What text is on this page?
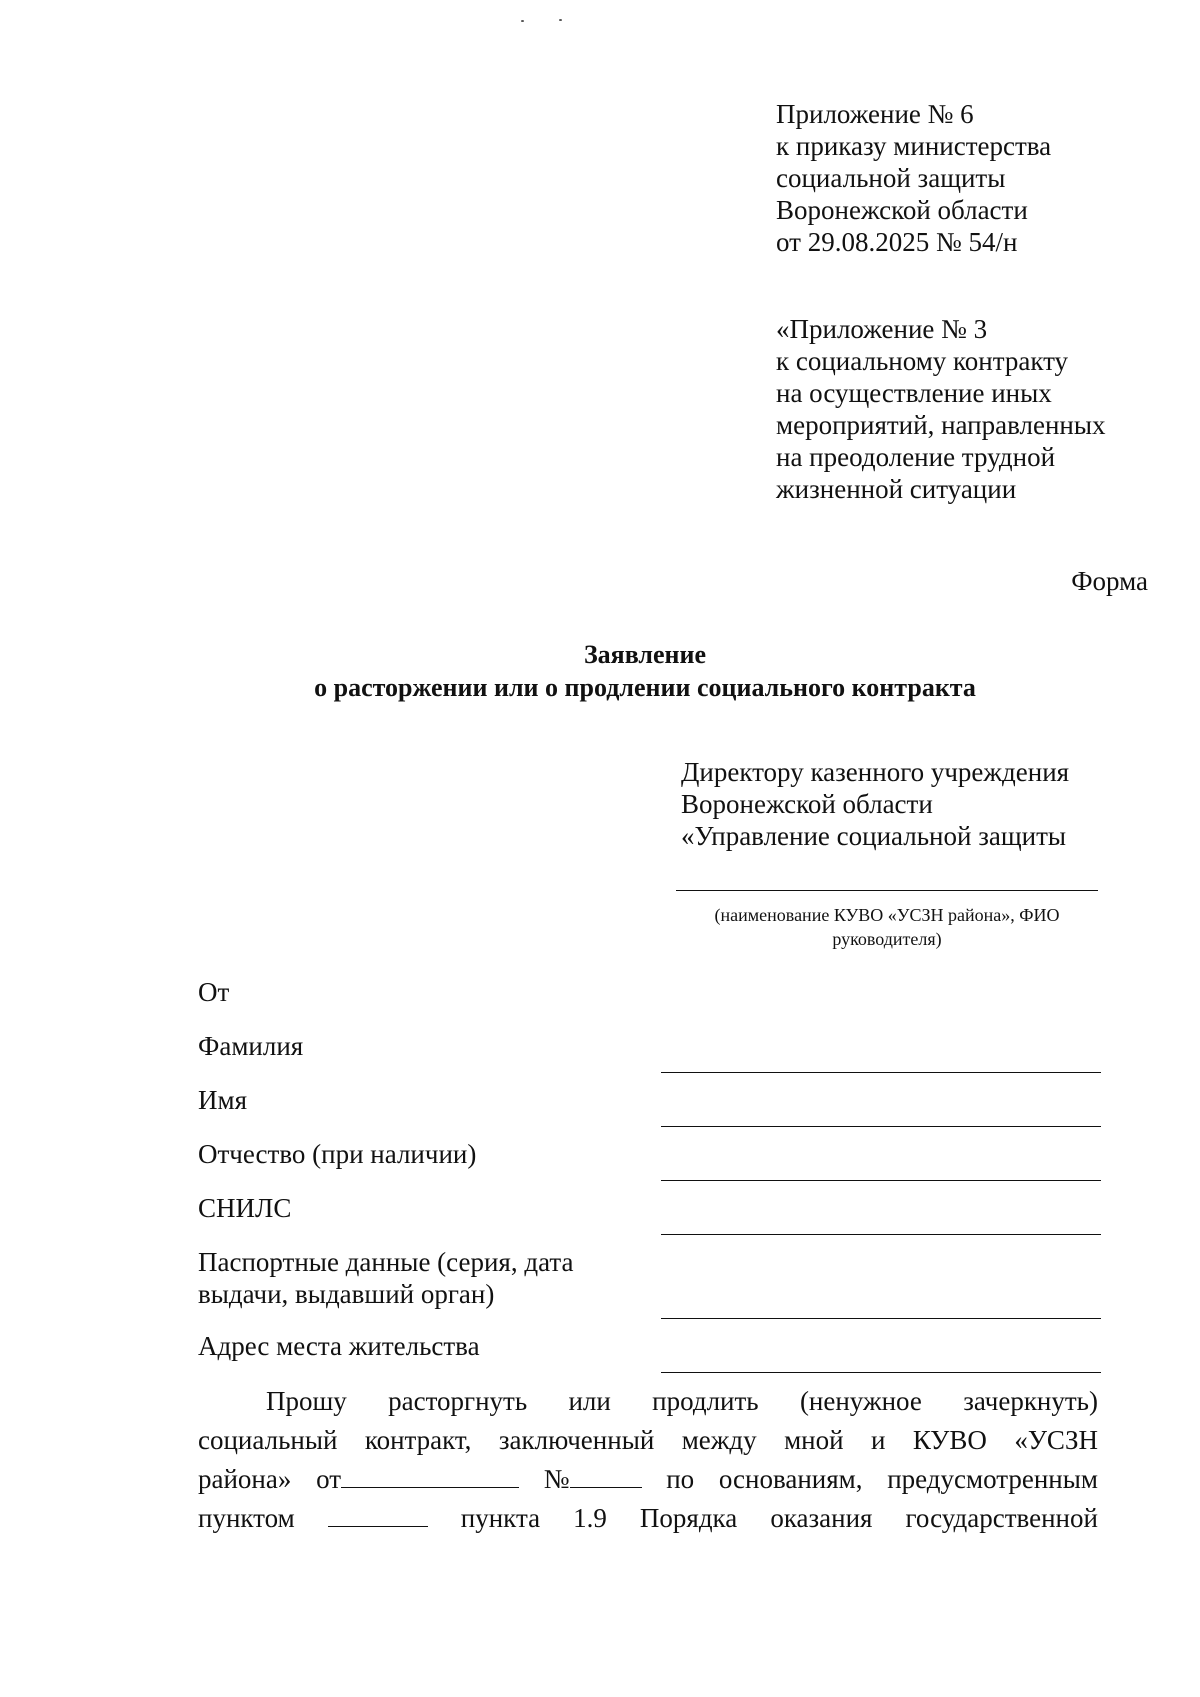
Приложение № 6
к приказу министерства
социальной защиты
Воронежской области
от 29.08.2025 № 54/н
«Приложение № 3
к социальному контракту
на осуществление иных
мероприятий, направленных
на преодоление трудной
жизненной ситуации
Форма
Заявление
о расторжении или о продлении социального контракта
Директору казенного учреждения
Воронежской области
«Управление социальной защиты
(наименование КУВО «УСЗН района», ФИО
руководителя)
От
Фамилия
Имя
Отчество (при наличии)
СНИЛС
Паспортные данные (серия, дата
выдачи, выдавший орган)
Адрес места жительства
Прошу расторгнуть или продлить (ненужное зачеркнуть)
социальный контракт, заключенный между мной и КУВО «УСЗН
района» от	№	по основаниям, предусмотренным
пунктом	пункта 1.9 Порядка оказания государственной
